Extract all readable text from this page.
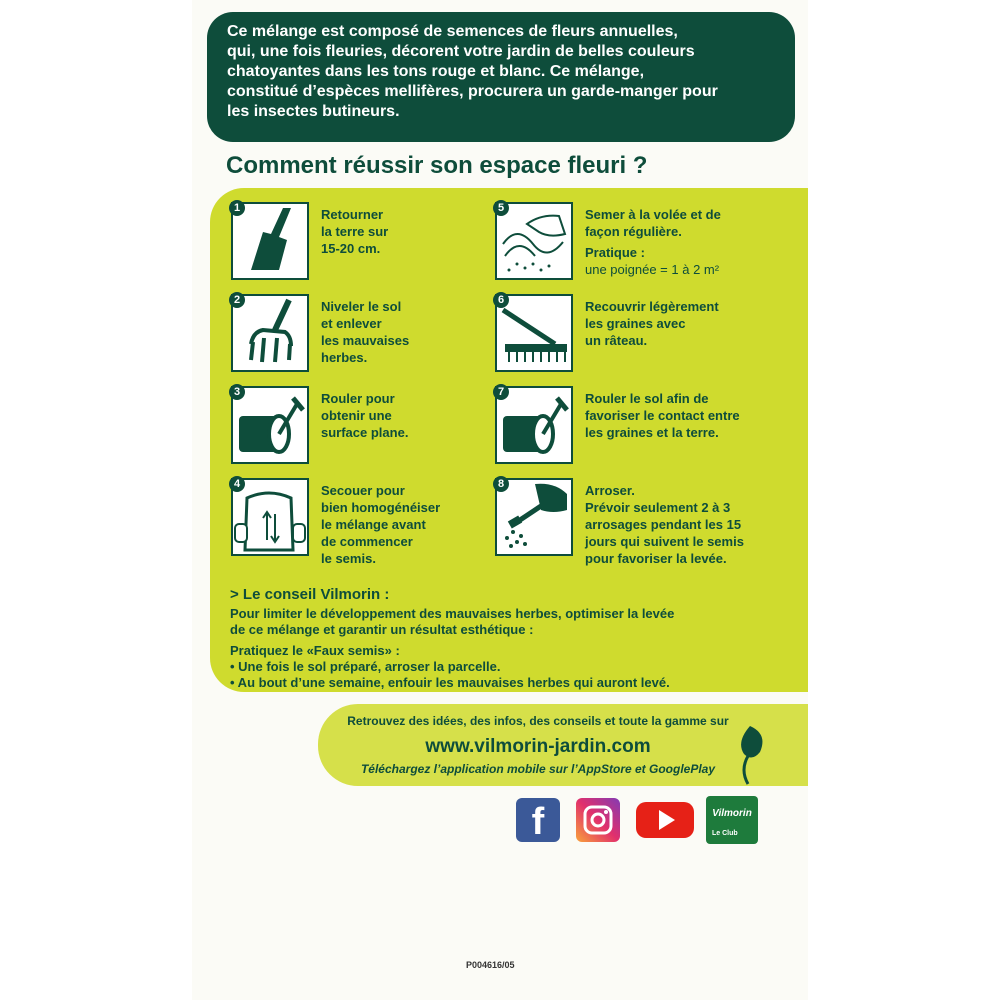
Ce mélange est composé de semences de fleurs annuelles,
qui, une fois fleuries, décorent votre jardin de belles couleurs
chatoyantes dans les tons rouge et blanc. Ce mélange,
constitué d’espèces mellifères, procurera un garde-manger pour
les insectes butineurs.
Comment réussir son espace fleuri ?
1	Retourner
la terre sur
15-20 cm.
2	Niveler le sol
et enlever
les mauvaises
herbes.
3	Rouler pour
obtenir une
surface plane.
4	Secouer pour
bien homogénéiser
le mélange avant
de commencer
le semis.
5	Semer à la volée et de
façon régulière.
Pratique :
une poignée = 1 à 2 m²
6	Recouvrir légèrement
les graines avec
un râteau.
7	Rouler le sol afin de
favoriser le contact entre
les graines et la terre.
8	Arroser.
Prévoir seulement 2 à 3
arrosages pendant les 15
jours qui suivent le semis
pour favoriser la levée.
> Le conseil Vilmorin :
Pour limiter le développement des mauvaises herbes, optimiser la levée
de ce mélange et garantir un résultat esthétique :
Pratiquez le «Faux semis» :
• Une fois le sol préparé, arroser la parcelle.
• Au bout d’une semaine, enfouir les mauvaises herbes qui auront levé.
Retrouvez des idées, des infos, des conseils et toute la gamme sur
www.vilmorin-jardin.com
Téléchargez l’application mobile sur l’AppStore et GooglePlay
f	Vilmorin
Le Club
P004616/05
